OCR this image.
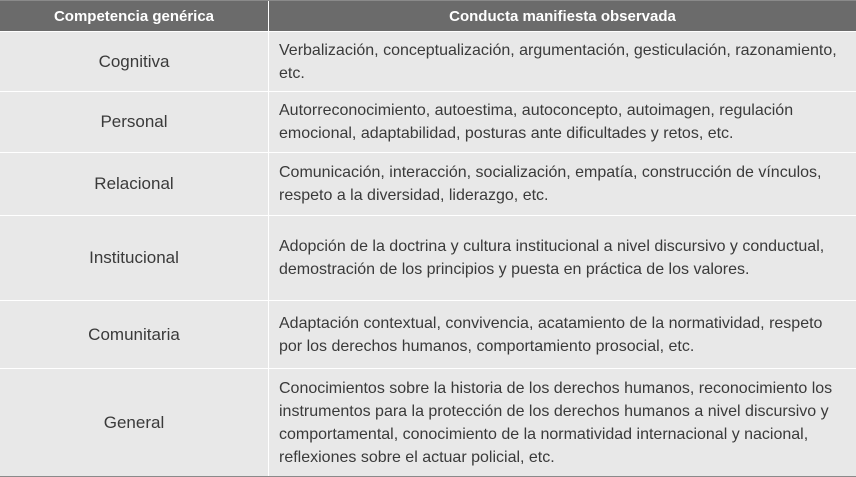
Competencia genérica	Conducta manifiesta observada
Cognitiva
Verbalización, conceptualización, argumentación, gesticulación, razonamiento, etc.
Personal
Autorreconocimiento, autoestima, autoconcepto, autoimagen, regulación emocional, adaptabilidad, posturas ante dificultades y retos, etc.
Relacional
Comunicación, interacción, socialización, empatía, construcción de vínculos, respeto a la diversidad, liderazgo, etc.
Institucional
Adopción de la doctrina y cultura institucional a nivel discursivo y conductual, demostración de los principios y puesta en práctica de los valores.
Comunitaria
Adaptación contextual, convivencia, acatamiento de la normatividad, respeto por los derechos humanos, comportamiento prosocial, etc.
General
Conocimientos sobre la historia de los derechos humanos, reconocimiento los instrumentos para la protección de los derechos humanos a nivel discursivo y comportamental, conocimiento de la normatividad internacional y nacional, reflexiones sobre el actuar policial, etc.
